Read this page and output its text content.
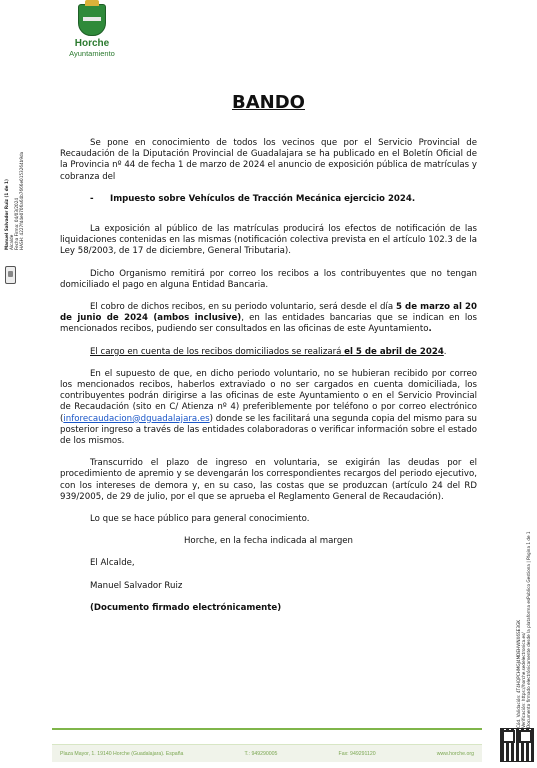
Horche
Ayuntamiento
Manuel Salvador Ruiz (1 de 1) Alcalde Fecha Firma: 04/03/2024 HASH: 4227fd4e0706a64b7666e0153264b9da
BANDO

Se pone en conocimiento de todos los vecinos que por el Servicio Provincial de Recaudación de la Diputación Provincial de Guadalajara se ha publicado en el Boletín Oficial de la Provincia nº 44 de fecha 1 de marzo de 2024 el anuncio de exposición pública de matrículas y cobranza del

- Impuesto sobre Vehículos de Tracción Mecánica ejercicio 2024.

La exposición al público de las matrículas producirá los efectos de notificación de las liquidaciones contenidas en las mismas (notificación colectiva prevista en el artículo 102.3 de la Ley 58/2003, de 17 de diciembre, General Tributaria).

Dicho Organismo remitirá por correo los recibos a los contribuyentes que no tengan domiciliado el pago en alguna Entidad Bancaria.

El cobro de dichos recibos, en su periodo voluntario, será desde el día 5 de marzo al 20 de junio de 2024 (ambos inclusive), en las entidades bancarias que se indican en los mencionados recibos, pudiendo ser consultados en las oficinas de este Ayuntamiento.

El cargo en cuenta de los recibos domiciliados se realizará el 5 de abril de 2024.

En el supuesto de que, en dicho periodo voluntario, no se hubieran recibido por correo los mencionados recibos, haberlos extraviado o no ser cargados en cuenta domiciliada, los contribuyentes podrán dirigirse a las oficinas de este Ayuntamiento o en el Servicio Provincial de Recaudación (sito en C/ Atienza nº 4) preferiblemente por teléfono o por correo electrónico (inforecaudacion@dguadalajara.es) donde se les facilitará una segunda copia del mismo para su posterior ingreso a través de las entidades colaboradoras o verificar información sobre el estado de los mismos.

Transcurrido el plazo de ingreso en voluntaria, se exigirán las deudas por el procedimiento de apremio y se devengarán los correspondientes recargos del periodo ejecutivo, con los intereses de demora y, en su caso, las costas que se produzcan (artículo 24 del RD 939/2005, de 29 de julio, por el que se aprueba el Reglamento General de Recaudación).

Lo que se hace público para general conocimiento.

Horche, en la fecha indicada al margen

El Alcalde,

Manuel Salvador Ruiz

(Documento firmado electrónicamente)

Cód. Validación: 4T4HQPCHMGJ4MDEHWNX6SE3GK Verificación: https://horche.sedelectronica.es/ Documento firmado electrónicamente desde la plataforma esPublico Gestiona | Página 1 de 1
Plaza Mayor, 1. 19140 Horche (Guadalajara). España	T.: 949290005	Fax: 949291120	www.horche.org
